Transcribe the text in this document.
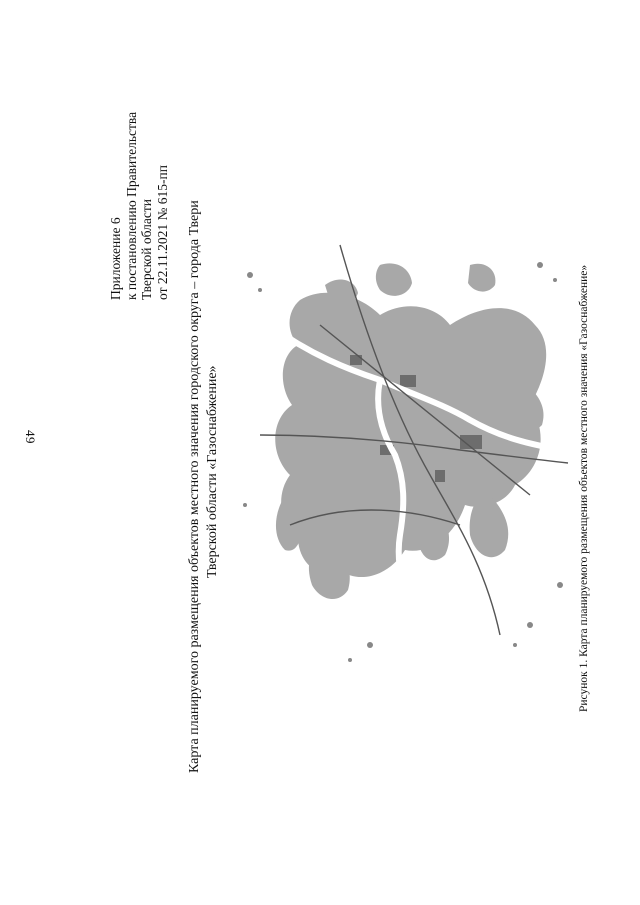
49
Приложение 6 к постановлению Правительства Тверской области от 22.11.2021 № 615-пп Карта планируемого размещения объектов местного значения городского округа – города Твери Тверской области «Газоснабжение»	Рисунок 1. Карта планируемого размещения объектов местного значения «Газоснабжение»
